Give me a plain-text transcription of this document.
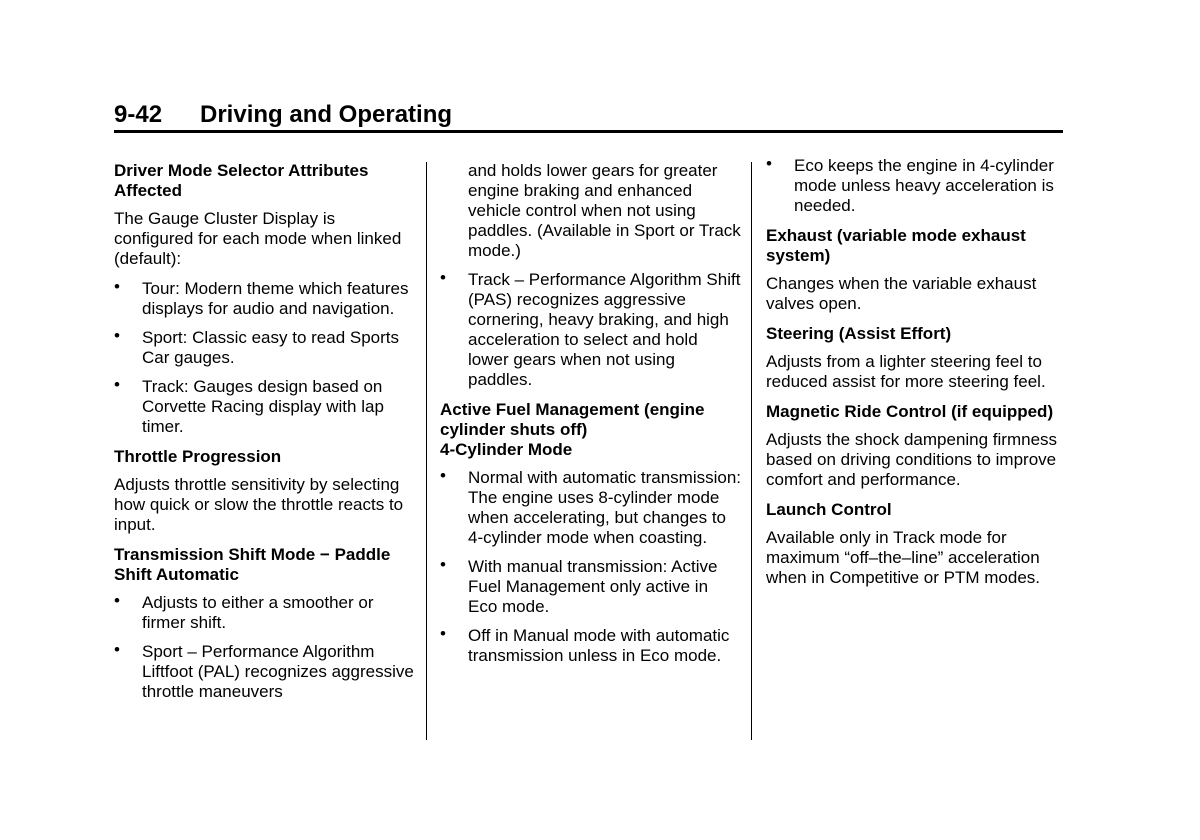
9-42 Driving and Operating
Driver Mode Selector Attributes Affected
The Gauge Cluster Display is configured for each mode when linked (default):
• Tour: Modern theme which features displays for audio and navigation.
• Sport: Classic easy to read Sports Car gauges.
• Track: Gauges design based on Corvette Racing display with lap timer.
Throttle Progression
Adjusts throttle sensitivity by selecting how quick or slow the throttle reacts to input.
Transmission Shift Mode − Paddle Shift Automatic
• Adjusts to either a smoother or firmer shift.
• Sport – Performance Algorithm Liftfoot (PAL) recognizes aggressive throttle maneuvers
and holds lower gears for greater engine braking and enhanced vehicle control when not using paddles. (Available in Sport or Track mode.)
• Track – Performance Algorithm Shift (PAS) recognizes aggressive cornering, heavy braking, and high acceleration to select and hold lower gears when not using paddles.
Active Fuel Management (engine cylinder shuts off)
4-Cylinder Mode
• Normal with automatic transmission: The engine uses 8-cylinder mode when accelerating, but changes to 4-cylinder mode when coasting.
• With manual transmission: Active Fuel Management only active in Eco mode.
• Off in Manual mode with automatic transmission unless in Eco mode.
• Eco keeps the engine in 4-cylinder mode unless heavy acceleration is needed.
Exhaust (variable mode exhaust system)
Changes when the variable exhaust valves open.
Steering (Assist Effort)
Adjusts from a lighter steering feel to reduced assist for more steering feel.
Magnetic Ride Control (if equipped)
Adjusts the shock dampening firmness based on driving conditions to improve comfort and performance.
Launch Control
Available only in Track mode for maximum “off–the–line” acceleration when in Competitive or PTM modes.
